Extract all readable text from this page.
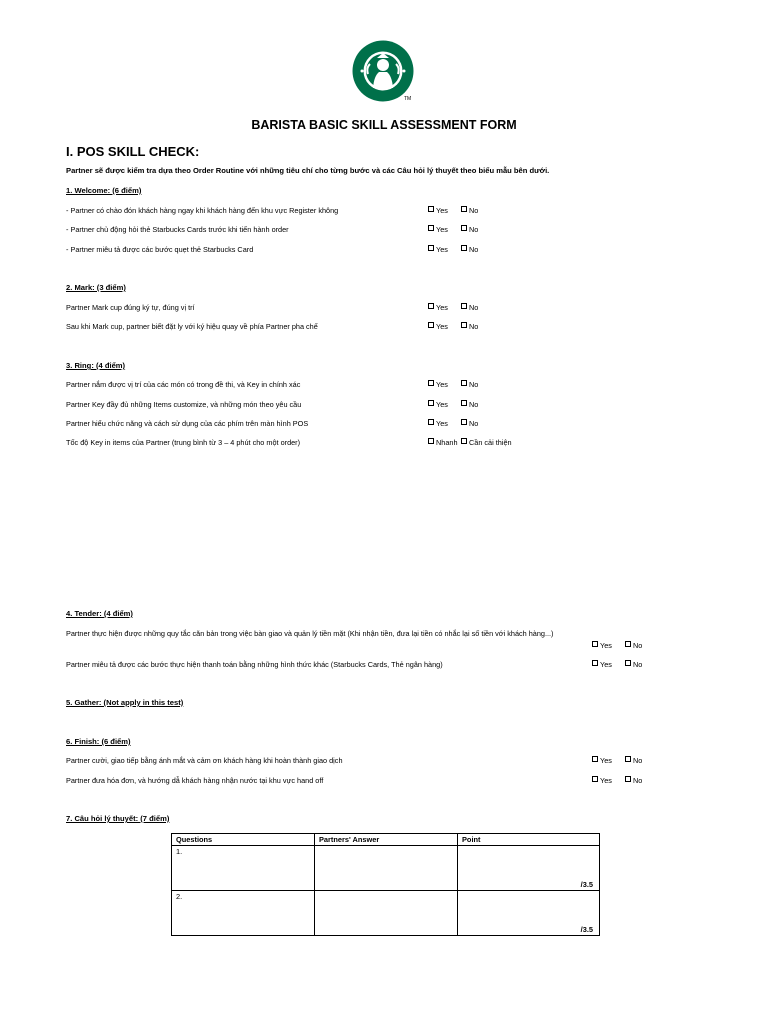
TM
BARISTA BASIC SKILL ASSESSMENT FORM
I. POS SKILL CHECK:
Partner sẽ được kiểm tra dựa theo Order Routine với những tiêu chí cho từng bước và các Câu hỏi lý thuyết theo biểu mẫu bên dưới.
1. Welcome: (6 điểm)
- Partner có chào đón khách hàng ngay khi khách hàng đến khu vực Register không	Yes	No
- Partner chủ động hỏi thẻ Starbucks Cards trước khi tiến hành order	Yes	No
- Partner miêu tả được các bước quẹt thẻ Starbucks Card	Yes	No
2. Mark: (3 điểm)
Partner Mark cup đúng ký tự, đúng vị trí	Yes	No
Sau khi Mark cup, partner biết đặt ly với ký hiệu quay về phía Partner pha chế	Yes	No
3. Ring: (4 điểm)
Partner nắm được vị trí của các món có trong đề thi, và Key in chính xác	Yes	No
Partner Key đầy đủ những Items customize, và những món theo yêu cầu	Yes	No
Partner hiểu chức năng và cách sử dụng của các phím trên màn hình POS	Yes	No
Tốc độ Key in items của Partner (trung bình từ 3 – 4 phút cho một order)	Nhanh	Cần cải thiện
4. Tender: (4 điểm)
Partner thực hiện được những quy tắc căn bản trong việc bàn giao và quản lý tiền mặt (Khi nhận tiền, đưa lại tiền có nhắc lại số tiền với khách hàng...)
Yes	No
Partner miêu tả được các bước thực hiện thanh toán bằng những hình thức khác (Starbucks Cards, Thẻ ngân hàng)	Yes	No
5. Gather: (Not apply in this test)
6. Finish: (6 điểm)
Partner cười, giao tiếp bằng ánh mắt và cảm ơn khách hàng khi hoàn thành giao dịch	Yes	No
Partner đưa hóa đơn, và hướng dẫ khách hàng nhận nước tại khu vực hand off	Yes	No
7. Câu hỏi lý thuyết: (7 điểm)
Questions	Partners' Answer	Point
1.		/3.5

2.		/3.5
